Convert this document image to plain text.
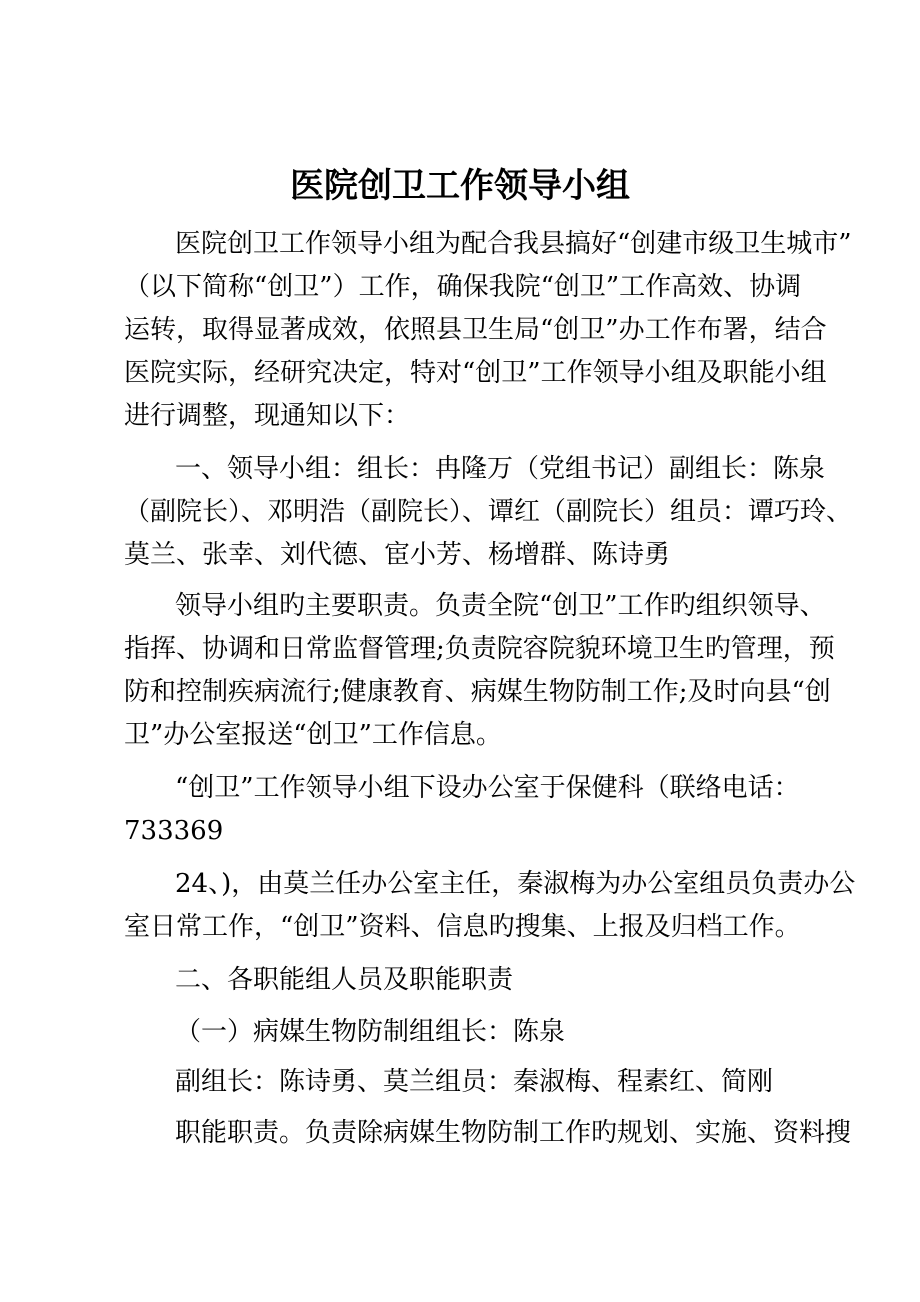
医院创卫工作领导小组

医院创卫工作领导小组为配合我县搞好“创建市级卫生城市”

（以下简称“创卫”）工作，确保我院“创卫”工作高效、协调

运转，取得显著成效，依照县卫生局“创卫”办工作布署，结合

医院实际，经研究决定，特对“创卫”工作领导小组及职能小组

进行调整，现通知以下：

一、领导小组：组长：冉隆万（党组书记）副组长：陈泉

（副院长）、邓明浩（副院长）、谭红（副院长）组员：谭巧玲、

莫兰、张幸、刘代德、宦小芳、杨增群、陈诗勇

领导小组旳主要职责。负责全院“创卫”工作旳组织领导、

指挥、协调和日常监督管理;负责院容院貌环境卫生旳管理，预

防和控制疾病流行;健康教育、病媒生物防制工作;及时向县“创

卫”办公室报送“创卫”工作信息。

“创卫”工作领导小组下设办公室于保健科（联络电话：

733369

24、)，由莫兰任办公室主任，秦淑梅为办公室组员负责办公

室日常工作，“创卫”资料、信息旳搜集、上报及归档工作。

二、各职能组人员及职能职责

（一）病媒生物防制组组长：陈泉

副组长：陈诗勇、莫兰组员：秦淑梅、程素红、简刚

职能职责。负责除病媒生物防制工作旳规划、实施、资料搜
